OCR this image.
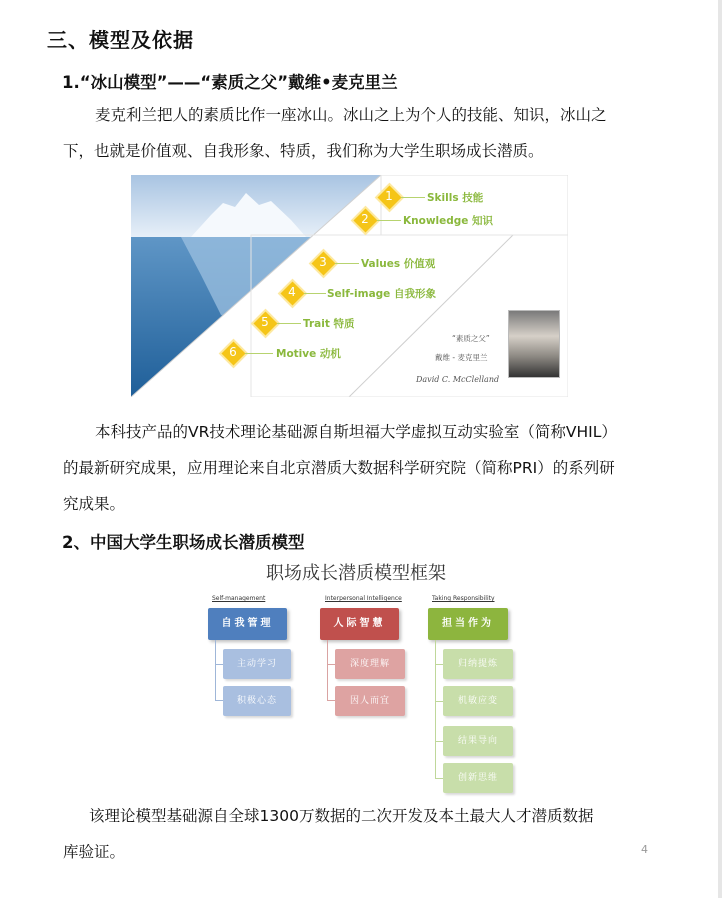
三、模型及依据
1.“冰山模型”——“素质之父”戴维•麦克里兰
麦克利兰把人的素质比作一座冰山。冰山之上为个人的技能、知识，冰山之
下，也就是价值观、自我形象、特质，我们称为大学生职场成长潜质。
1	Skills 技能
2	Knowledge 知识
3	Values 价值观
4	Self-image 自我形象
5	Trait 特质
6	Motive 动机
“素质之父”
戴维 - 麦克里兰
David C. McClelland
本科技产品的VR技术理论基础源自斯坦福大学虚拟互动实验室（简称VHIL）
的最新研究成果，应用理论来自北京潜质大数据科学研究院（简称PRI）的系列研
究成果。
2、中国大学生职场成长潜质模型
职场成长潜质模型框架
Self-management
自我管理
主动学习
积极心态
Interpersonal Intelligence
人际智慧
深度理解
因人而宜
Taking Responsibility
担当作为
归纳提炼
机敏应变
结果导向
创新思维
该理论模型基础源自全球1300万数据的二次开发及本土最大人才潜质数据
库验证。	4
